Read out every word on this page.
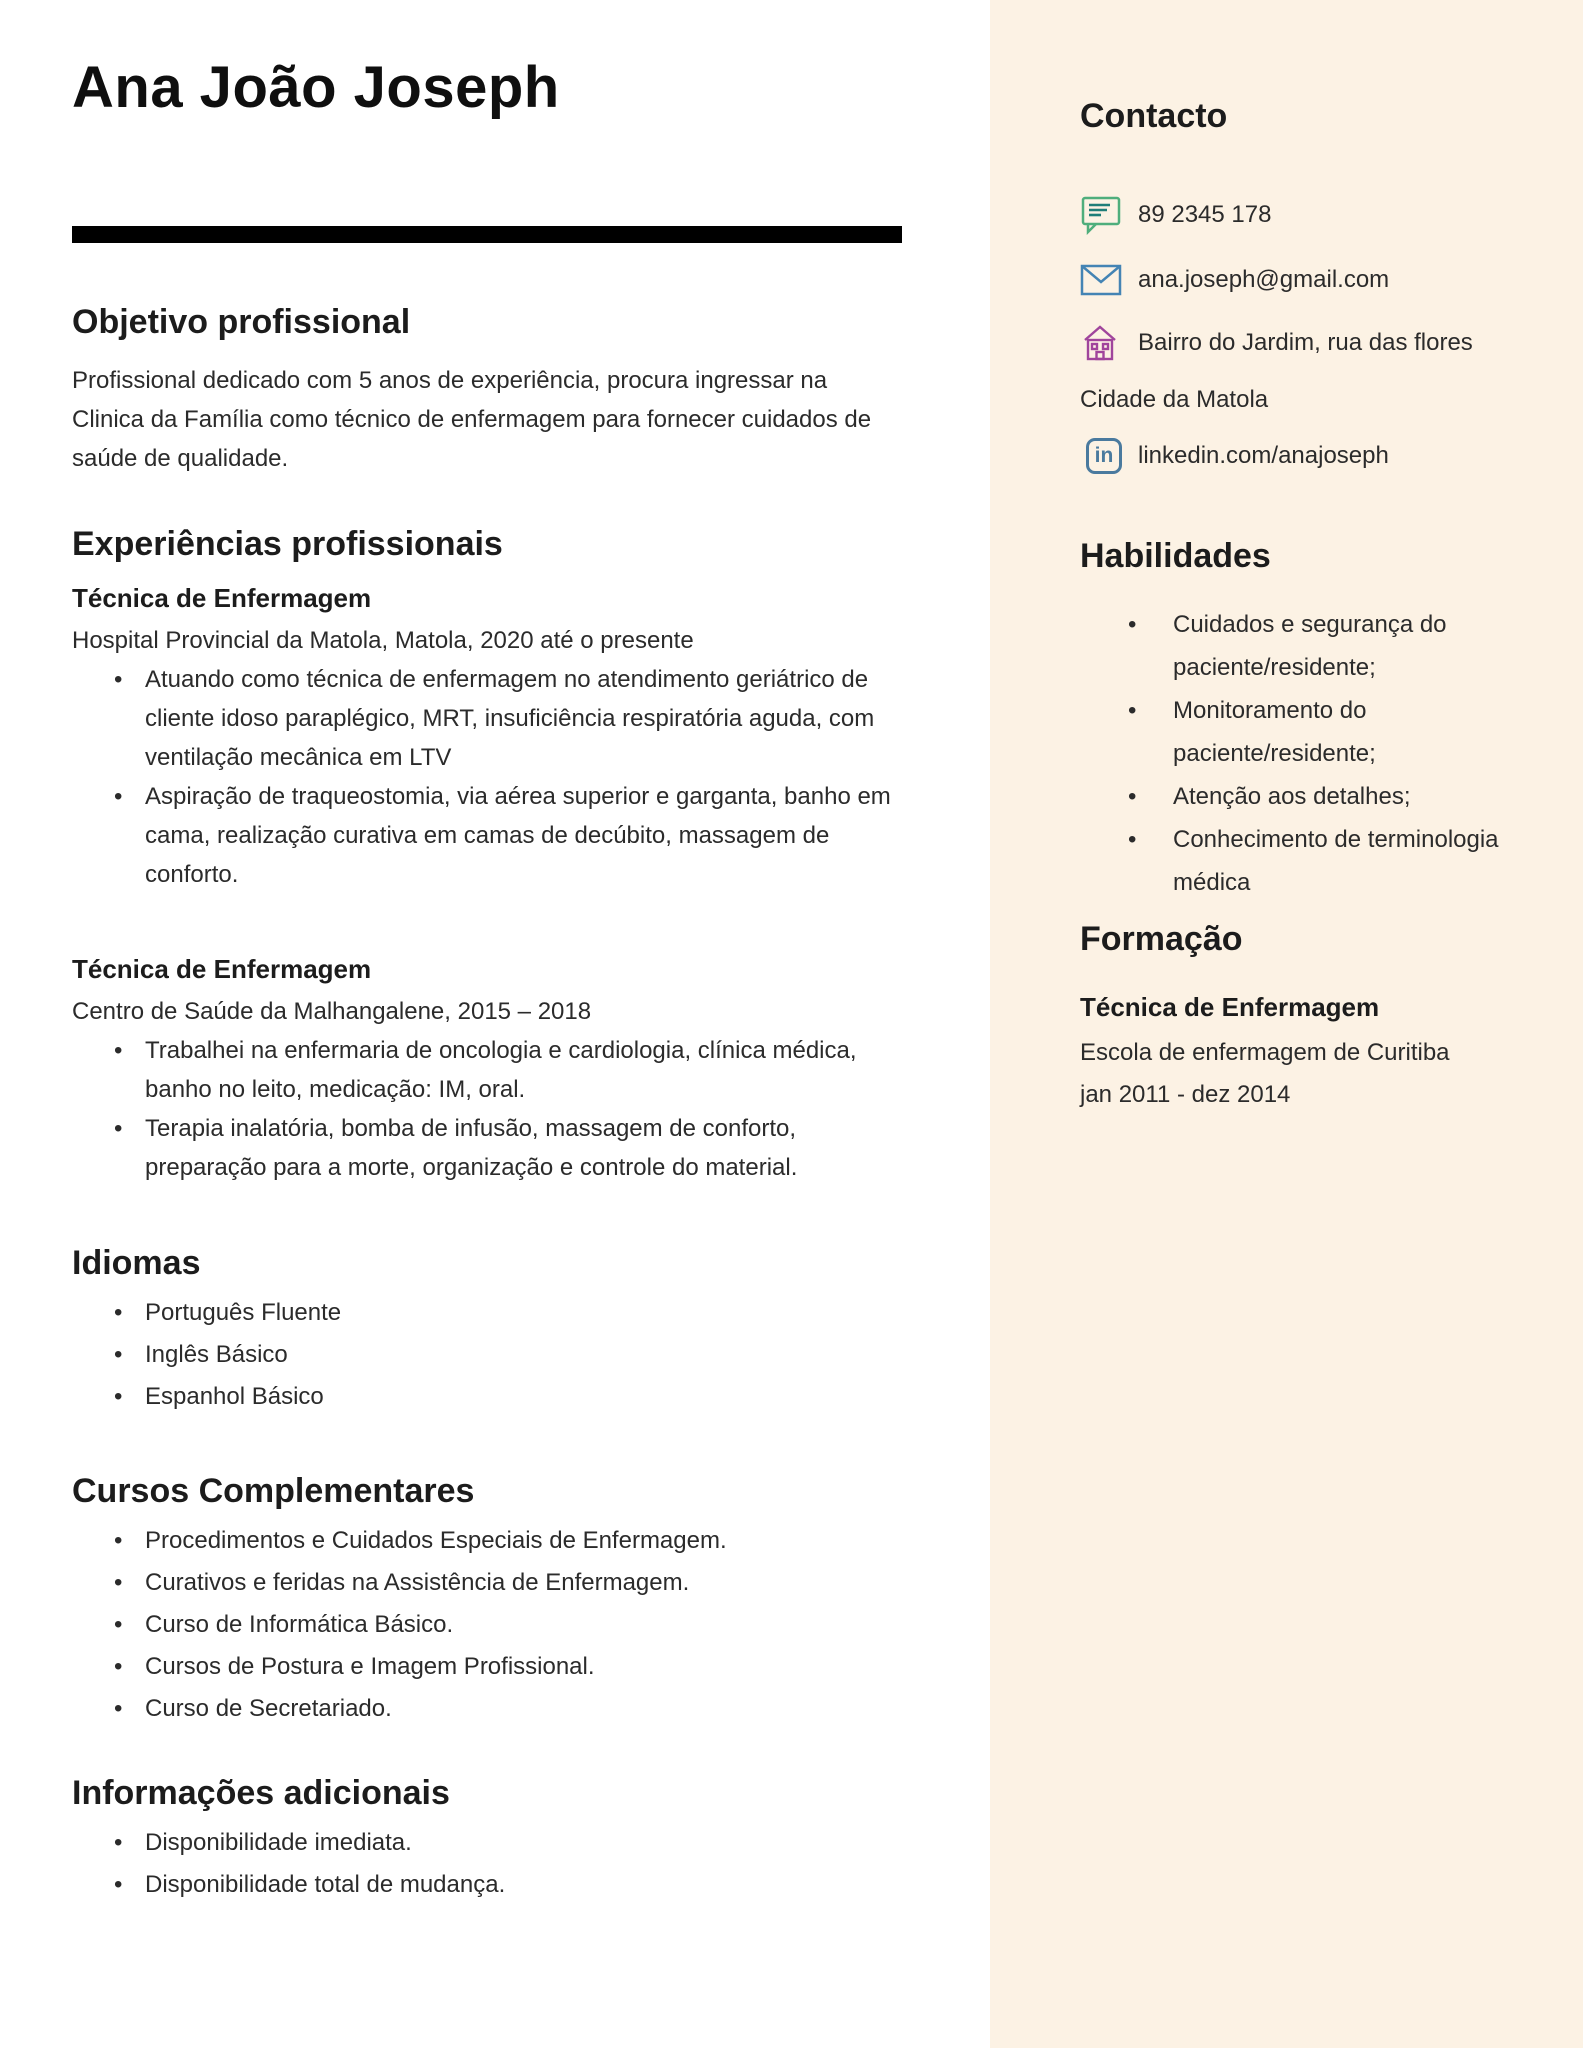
Ana João Joseph
Objetivo profissional

Profissional dedicado com 5 anos de experiência, procura ingressar na Clinica da Família como técnico de enfermagem para fornecer cuidados de saúde de qualidade.

Experiências profissionais
Técnica de Enfermagem
Hospital Provincial da Matola, Matola, 2020 até o presente
• Atuando como técnica de enfermagem no atendimento geriátrico de cliente idoso paraplégico, MRT, insuficiência respiratória aguda, com ventilação mecânica em LTV
• Aspiração de traqueostomia, via aérea superior e garganta, banho em cama, realização curativa em camas de decúbito, massagem de conforto.
Técnica de Enfermagem
Centro de Saúde da Malhangalene, 2015 – 2018
• Trabalhei na enfermaria de oncologia e cardiologia, clínica médica, banho no leito, medicação: IM, oral.
• Terapia inalatória, bomba de infusão, massagem de conforto, preparação para a morte, organização e controle do material.
Idiomas
• Português Fluente
• Inglês Básico
• Espanhol Básico
Cursos Complementares
• Procedimentos e Cuidados Especiais de Enfermagem.
• Curativos e feridas na Assistência de Enfermagem.
• Curso de Informática Básico.
• Cursos de Postura e Imagem Profissional.
• Curso de Secretariado.
Informações adicionais
• Disponibilidade imediata.
• Disponibilidade total de mudança.
Contacto
89 2345 178
ana.joseph@gmail.com
Bairro do Jardim, rua das flores
Cidade da Matola
in	linkedin.com/anajoseph
Habilidades
• Cuidados e segurança do paciente/residente;
• Monitoramento do paciente/residente;
• Atenção aos detalhes;
• Conhecimento de terminologia médica
Formação
Técnica de Enfermagem
Escola de enfermagem de Curitiba
jan 2011 - dez 2014
